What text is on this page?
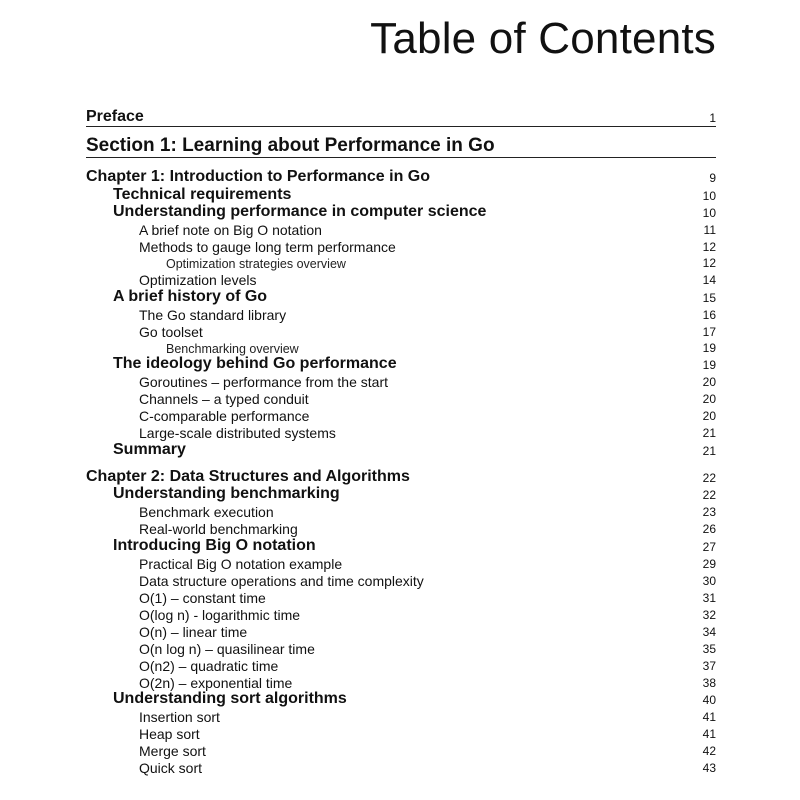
Table of Contents
Preface	1
Section 1: Learning about Performance in Go
Chapter 1: Introduction to Performance in Go	9
Technical requirements	10
Understanding performance in computer science	10
A brief note on Big O notation	11
Methods to gauge long term performance	12
Optimization strategies overview	12
Optimization levels	14
A brief history of Go	15
The Go standard library	16
Go toolset	17
Benchmarking overview	19
The ideology behind Go performance	19
Goroutines – performance from the start	20
Channels – a typed conduit	20
C-comparable performance	20
Large-scale distributed systems	21
Summary	21
Chapter 2: Data Structures and Algorithms	22
Understanding benchmarking	22
Benchmark execution	23
Real-world benchmarking	26
Introducing Big O notation	27
Practical Big O notation example	29
Data structure operations and time complexity	30
O(1) – constant time	31
O(log n) - logarithmic time	32
O(n) – linear time	34
O(n log n) – quasilinear time	35
O(n2) – quadratic time	37
O(2n) – exponential time	38
Understanding sort algorithms	40
Insertion sort	41
Heap sort	41
Merge sort	42
Quick sort	43
